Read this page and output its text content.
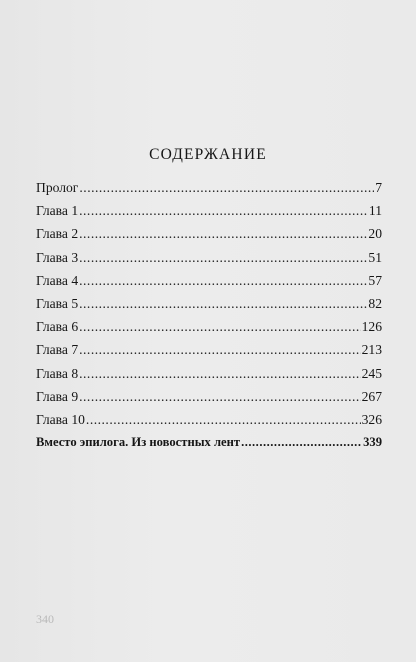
СОДЕРЖАНИЕ
Пролог .....	7
Глава 1 .....	11
Глава 2 .....	20
Глава 3 .....	51
Глава 4 .....	57
Глава 5 .....	82
Глава 6 .....	126
Глава 7 .....	213
Глава 8 .....	245
Глава 9 .....	267
Глава 10 .....	326
Вместо эпилога. Из новостных лент .....	339
340
